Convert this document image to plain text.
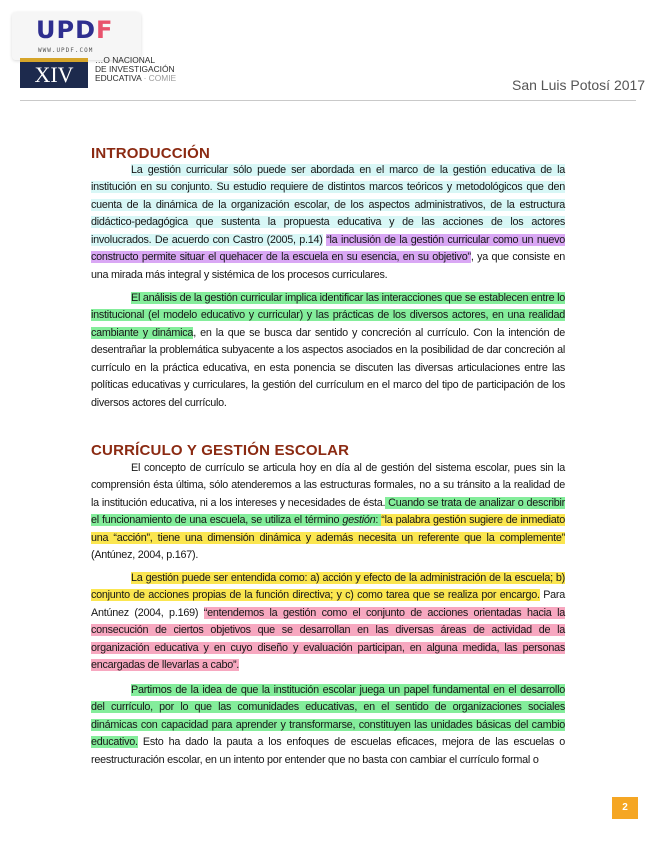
UPDF
WWW.UPDF.COM
XIV
…O NACIONAL
DE INVESTIGACIÓN
EDUCATIVA · COMIE	San Luis Potosí 2017
INTRODUCCIÓN

La gestión curricular sólo puede ser abordada en el marco de la gestión educativa de la institución en su conjunto. Su estudio requiere de distintos marcos teóricos y metodológicos que den cuenta de la dinámica de la organización escolar, de los aspectos administrativos, de la estructura didáctico-pedagógica que sustenta la propuesta educativa y de las acciones de los actores involucrados. De acuerdo con Castro (2005, p.14) “la inclusión de la gestión curricular como un nuevo constructo permite situar el quehacer de la escuela en su esencia, en su objetivo”, ya que consiste en una mirada más integral y sistémica de los procesos curriculares.

El análisis de la gestión curricular implica identificar las interacciones que se establecen entre lo institucional (el modelo educativo y curricular) y las prácticas de los diversos actores, en una realidad cambiante y dinámica, en la que se busca dar sentido y concreción al currículo. Con la intención de desentrañar la problemática subyacente a los aspectos asociados en la posibilidad de dar concreción al currículo en la práctica educativa, en esta ponencia se discuten las diversas articulaciones entre las políticas educativas y curriculares, la gestión del currículum en el marco del tipo de participación de los diversos actores del currículo.

CURRÍCULO Y GESTIÓN ESCOLAR

El concepto de currículo se articula hoy en día al de gestión del sistema escolar, pues sin la comprensión ésta última, sólo atenderemos a las estructuras formales, no a su tránsito a la realidad de la institución educativa, ni a los intereses y necesidades de ésta. Cuando se trata de analizar o describir el funcionamiento de una escuela, se utiliza el término gestión: “la palabra gestión sugiere de inmediato una “acción”, tiene una dimensión dinámica y además necesita un referente que la complemente” (Antúnez, 2004, p.167).

La gestión puede ser entendida como: a) acción y efecto de la administración de la escuela; b) conjunto de acciones propias de la función directiva; y c) como tarea que se realiza por encargo. Para Antúnez (2004, p.169) “entendemos la gestión como el conjunto de acciones orientadas hacia la consecución de ciertos objetivos que se desarrollan en las diversas áreas de actividad de la organización educativa y en cuyo diseño y evaluación participan, en alguna medida, las personas encargadas de llevarlas a cabo”.

Partimos de la idea de que la institución escolar juega un papel fundamental en el desarrollo del currículo, por lo que las comunidades educativas, en el sentido de organizaciones sociales dinámicas con capacidad para aprender y transformarse, constituyen las unidades básicas del cambio educativo. Esto ha dado la pauta a los enfoques de escuelas eficaces, mejora de las escuelas o reestructuración escolar, en un intento por entender que no basta con cambiar el currículo formal o

2
